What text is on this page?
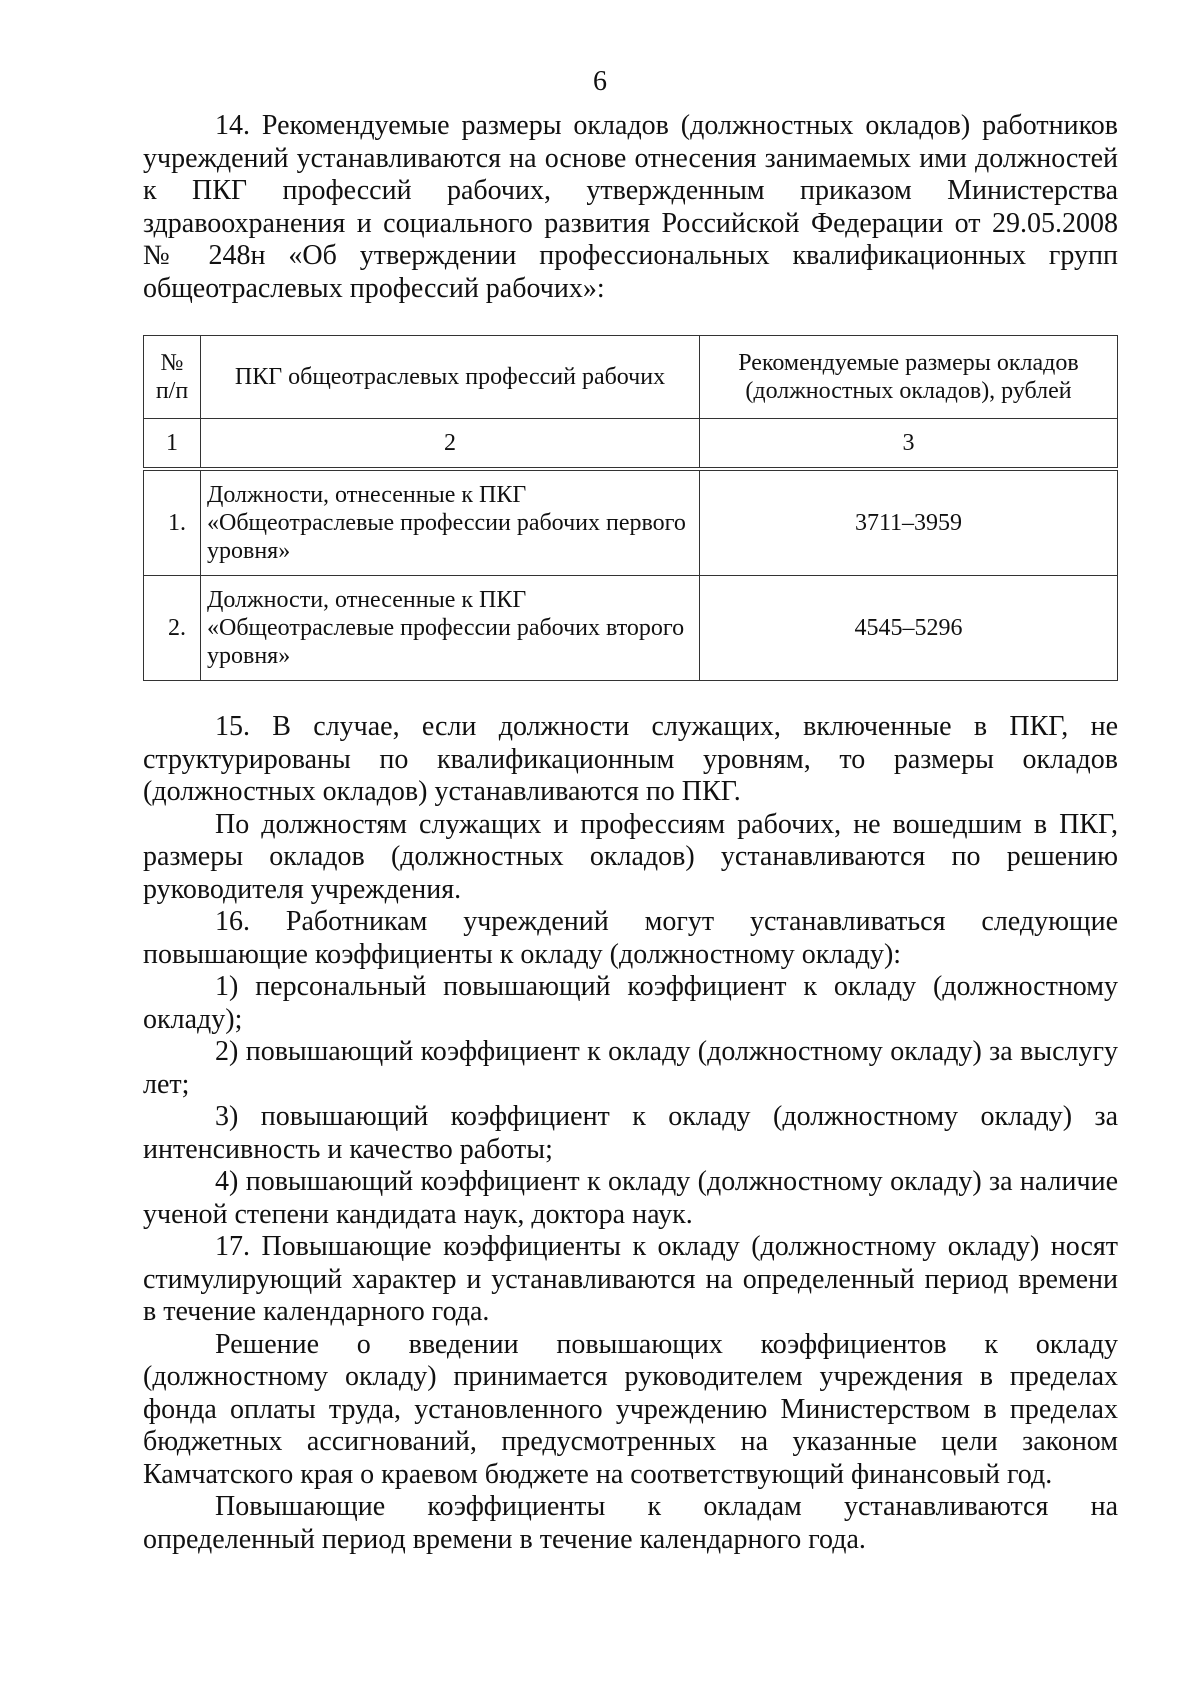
6

14. Рекомендуемые размеры окладов (должностных окладов) работников учреждений устанавливаются на основе отнесения занимаемых ими должностей к ПКГ профессий рабочих, утвержденным приказом Министерства здравоохранения и социального развития Российской Федерации от 29.05.2008 № 248н «Об утверждении профессиональных квалификационных групп общеотраслевых профессий рабочих»:

№ п/п	ПКГ общеотраслевых профессий рабочих	Рекомендуемые размеры окладов (должностных окладов), рублей
1	2	3
1.	Должности, отнесенные к ПКГ «Общеотраслевые профессии рабочих первого уровня»	3711–3959
2.	Должности, отнесенные к ПКГ «Общеотраслевые профессии рабочих второго уровня»	4545–5296

15. В случае, если должности служащих, включенные в ПКГ, не структурированы по квалификационным уровням, то размеры окладов (должностных окладов) устанавливаются по ПКГ.

По должностям служащих и профессиям рабочих, не вошедшим в ПКГ, размеры окладов (должностных окладов) устанавливаются по решению руководителя учреждения.

16. Работникам учреждений могут устанавливаться следующие повышающие коэффициенты к окладу (должностному окладу):

1) персональный повышающий коэффициент к окладу (должностному окладу);

2) повышающий коэффициент к окладу (должностному окладу) за выслугу лет;

3) повышающий коэффициент к окладу (должностному окладу) за интенсивность и качество работы;

4) повышающий коэффициент к окладу (должностному окладу) за наличие ученой степени кандидата наук, доктора наук.

17. Повышающие коэффициенты к окладу (должностному окладу) носят стимулирующий характер и устанавливаются на определенный период времени в течение календарного года.

Решение о введении повышающих коэффициентов к окладу (должностному окладу) принимается руководителем учреждения в пределах фонда оплаты труда, установленного учреждению Министерством в пределах бюджетных ассигнований, предусмотренных на указанные цели законом Камчатского края о краевом бюджете на соответствующий финансовый год.

Повышающие коэффициенты к окладам устанавливаются на определенный период времени в течение календарного года.
